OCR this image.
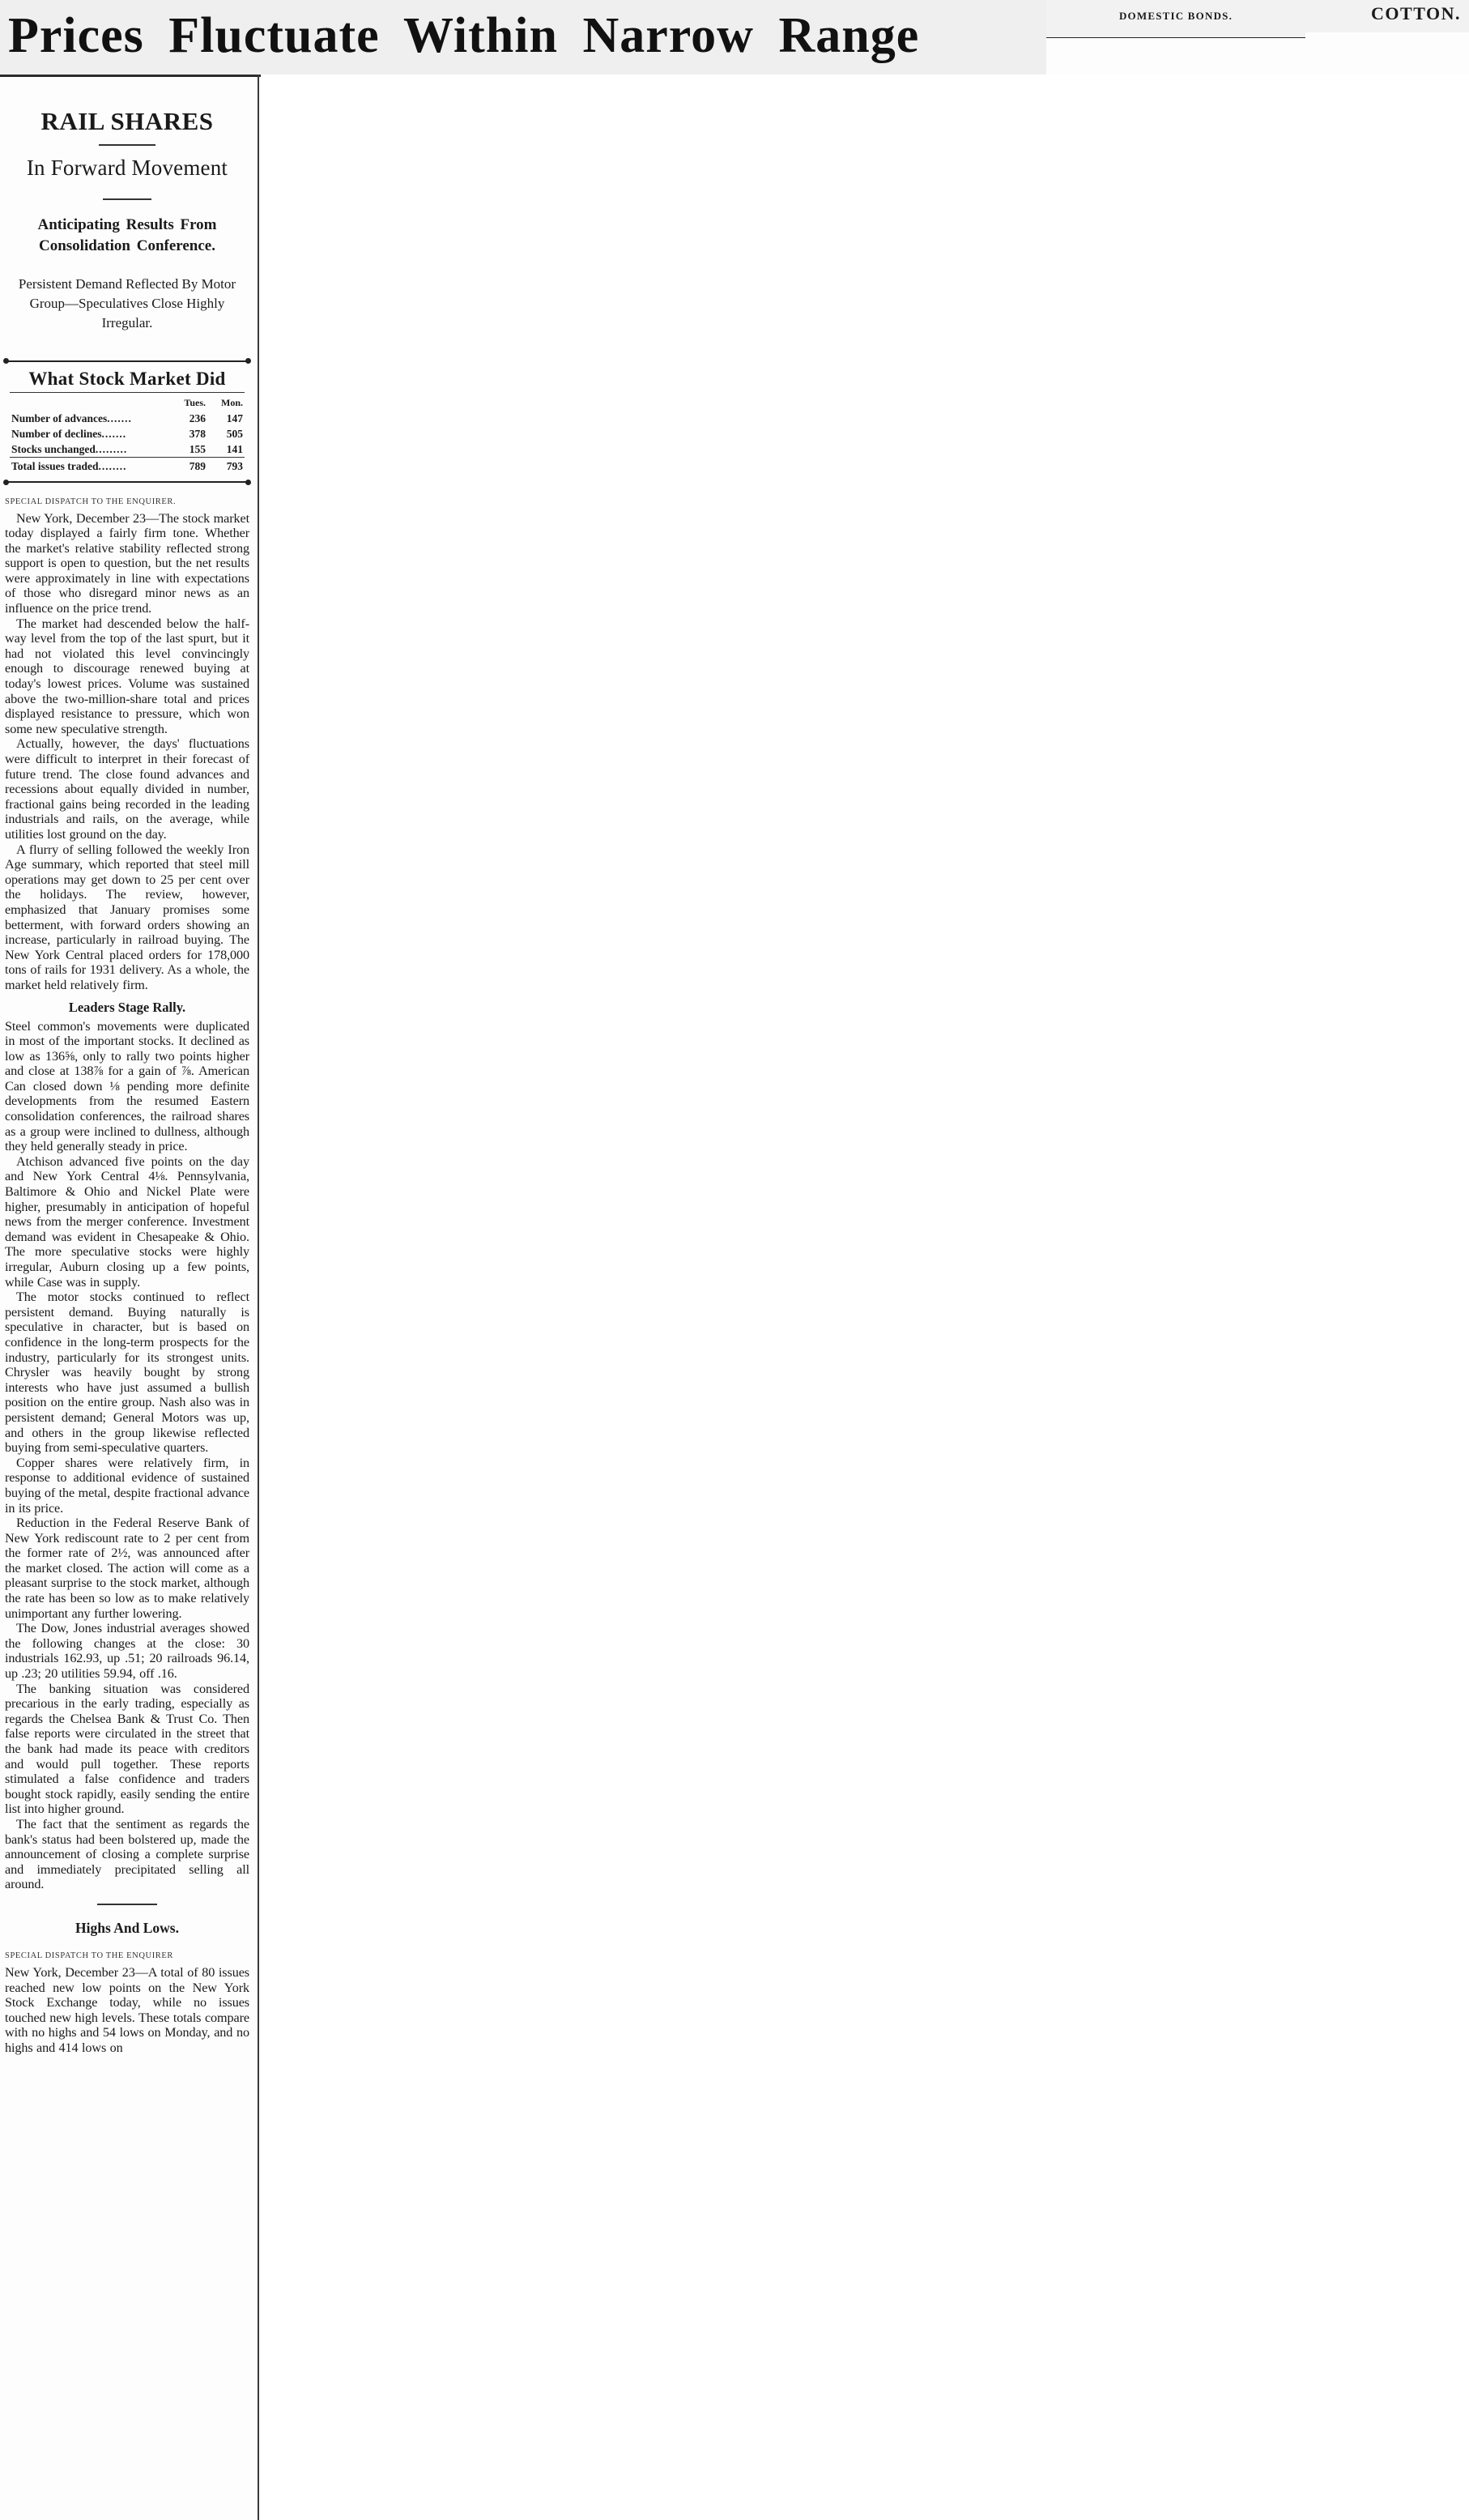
Prices Fluctuate Within Narrow Range	DOMESTIC BONDS.	COTTON.
RAIL SHARES
In Forward Movement
Anticipating Results From Consolidation Conference.
Persistent Demand Reflected By Motor Group—Speculatives Close Highly Irregular.
What Stock Market Did
	Tues.	Mon.
Number of advances.......	236	147
Number of declines.......	378	505
Stocks unchanged.........	155	141
Total issues traded........	789	793
SPECIAL DISPATCH TO THE ENQUIRER.

New York, December 23—The stock market today displayed a fairly firm tone. Whether the market's relative stability reflected strong support is open to question, but the net results were approximately in line with expectations of those who disregard minor news as an influence on the price trend.

The market had descended below the half-way level from the top of the last spurt, but it had not violated this level convincingly enough to discourage renewed buying at today's lowest prices. Volume was sustained above the two-million-share total and prices displayed resistance to pressure, which won some new speculative strength.

Actually, however, the days' fluctuations were difficult to interpret in their forecast of future trend. The close found advances and recessions about equally divided in number, fractional gains being recorded in the leading industrials and rails, on the average, while utilities lost ground on the day.

A flurry of selling followed the weekly Iron Age summary, which reported that steel mill operations may get down to 25 per cent over the holidays. The review, however, emphasized that January promises some betterment, with forward orders showing an increase, particularly in railroad buying. The New York Central placed orders for 178,000 tons of rails for 1931 delivery. As a whole, the market held relatively firm.

Leaders Stage Rally.

Steel common's movements were duplicated in most of the important stocks. It declined as low as 136⅝, only to rally two points higher and close at 138⅞ for a gain of ⅞. American Can closed down ⅛ pending more definite developments from the resumed Eastern consolidation conferences, the railroad shares as a group were inclined to dullness, although they held generally steady in price.

Atchison advanced five points on the day and New York Central 4⅛. Pennsylvania, Baltimore & Ohio and Nickel Plate were higher, presumably in anticipation of hopeful news from the merger conference. Investment demand was evident in Chesapeake & Ohio. The more speculative stocks were highly irregular, Auburn closing up a few points, while Case was in supply.

The motor stocks continued to reflect persistent demand. Buying naturally is speculative in character, but is based on confidence in the long-term prospects for the industry, particularly for its strongest units. Chrysler was heavily bought by strong interests who have just assumed a bullish position on the entire group. Nash also was in persistent demand; General Motors was up, and others in the group likewise reflected buying from semi-speculative quarters.

Copper shares were relatively firm, in response to additional evidence of sustained buying of the metal, despite fractional advance in its price.

Reduction in the Federal Reserve Bank of New York rediscount rate to 2 per cent from the former rate of 2½, was announced after the market closed. The action will come as a pleasant surprise to the stock market, although the rate has been so low as to make relatively unimportant any further lowering.

The Dow, Jones industrial averages showed the following changes at the close: 30 industrials 162.93, up .51; 20 railroads 96.14, up .23; 20 utilities 59.94, off .16.

The banking situation was considered precarious in the early trading, especially as regards the Chelsea Bank & Trust Co. Then false reports were circulated in the street that the bank had made its peace with creditors and would pull together. These reports stimulated a false confidence and traders bought stock rapidly, easily sending the entire list into higher ground.

The fact that the sentiment as regards the bank's status had been bolstered up, made the announcement of closing a complete surprise and immediately precipitated selling all around.

Highs And Lows.
SPECIAL DISPATCH TO THE ENQUIRER

New York, December 23—A total of 80 issues reached new low points on the New York Stock Exchange today, while no issues touched new high levels. These totals compare with no highs and 54 lows on Monday, and no highs and 414 lows on
